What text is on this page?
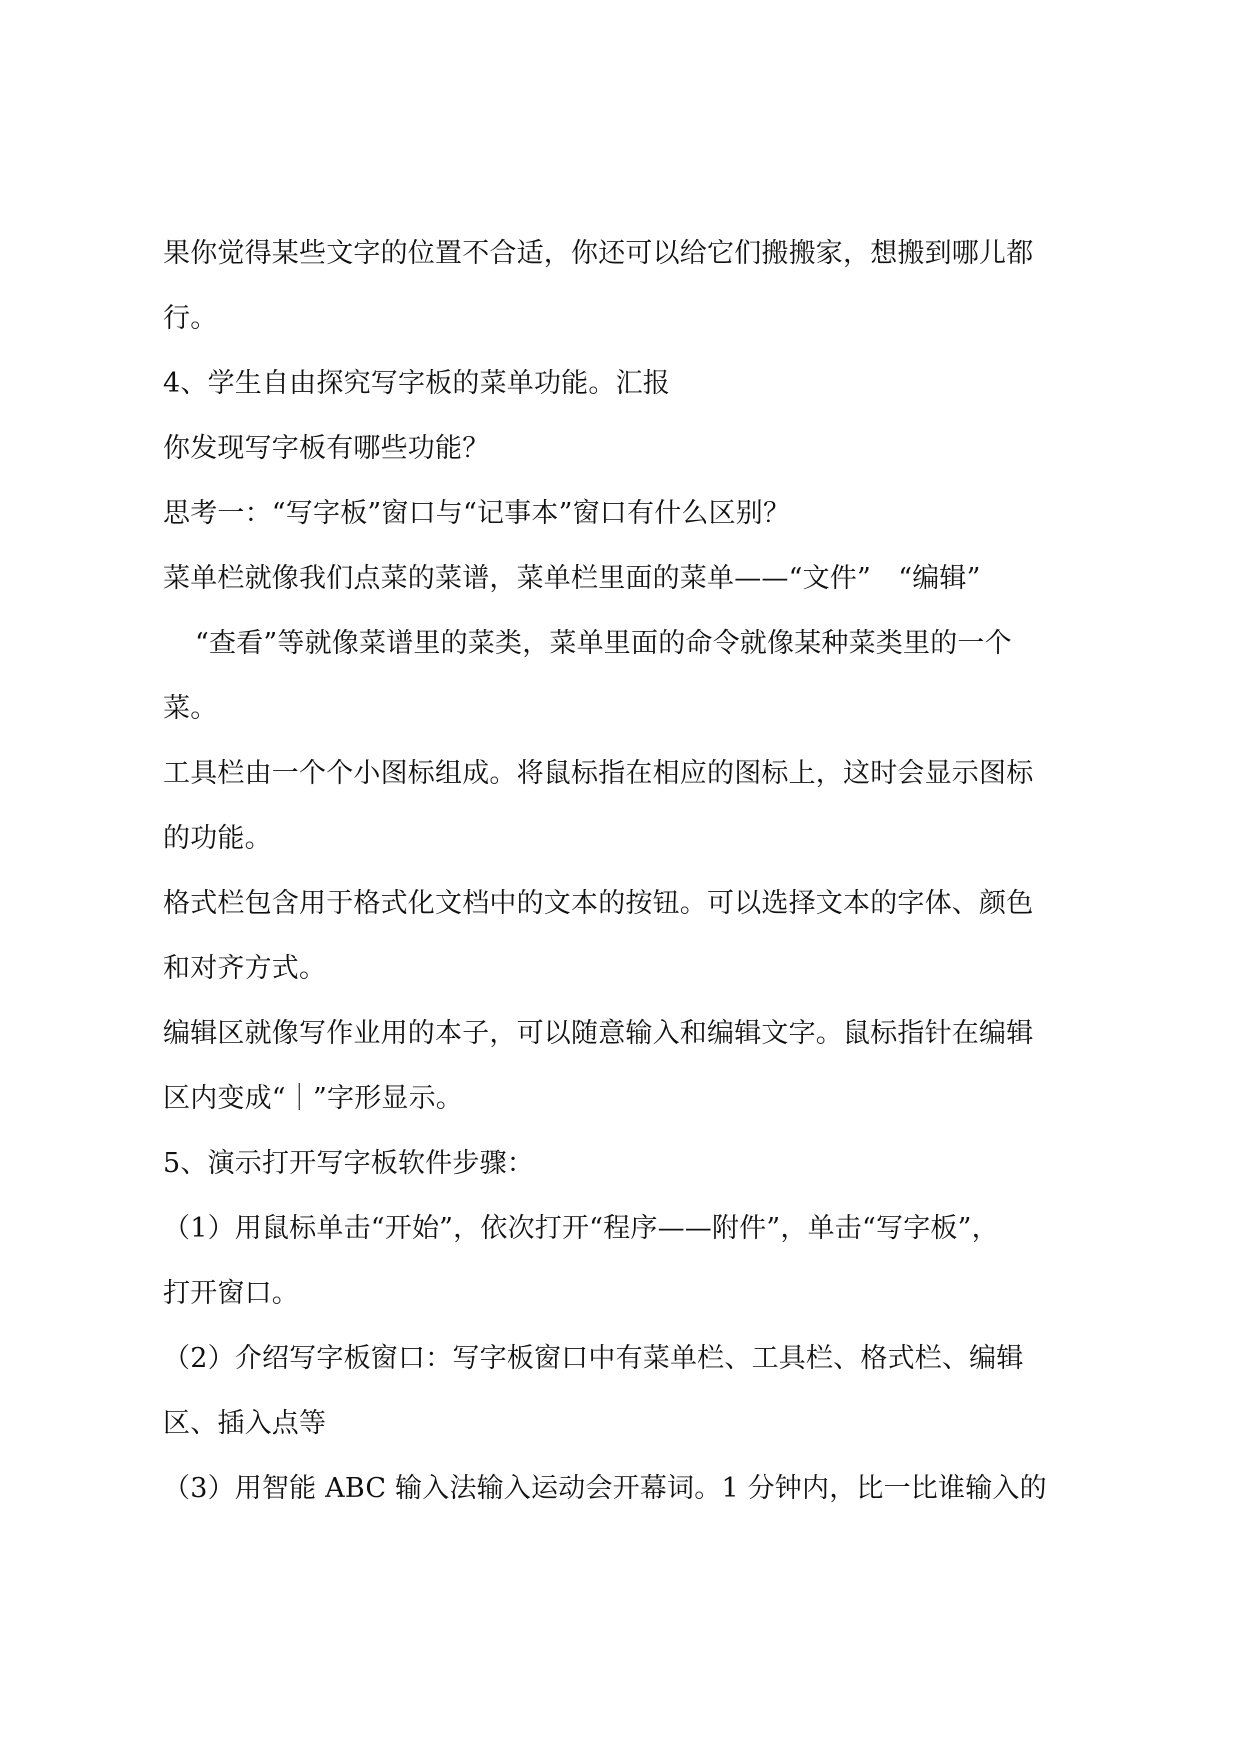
果你觉得某些文字的位置不合适，你还可以给它们搬搬家，想搬到哪儿都
行。
4、学生自由探究写字板的菜单功能。汇报
你发现写字板有哪些功能？
思考一：“写字板”窗口与“记事本”窗口有什么区别？
菜单栏就像我们点菜的菜谱，菜单栏里面的菜单——“文件”　“编辑”
“查看”等就像菜谱里的菜类，菜单里面的命令就像某种菜类里的一个
菜。
工具栏由一个个小图标组成。将鼠标指在相应的图标上，这时会显示图标
的功能。
格式栏包含用于格式化文档中的文本的按钮。可以选择文本的字体、颜色
和对齐方式。
编辑区就像写作业用的本子，可以随意输入和编辑文字。鼠标指针在编辑
区内变成“｜”字形显示。
5、演示打开写字板软件步骤：
（1）用鼠标单击“开始”，依次打开“程序——附件”，单击“写字板”，
打开窗口。
（2）介绍写字板窗口：写字板窗口中有菜单栏、工具栏、格式栏、编辑
区、插入点等
（3）用智能 ABC 输入法输入运动会开幕词。1 分钟内，比一比谁输入的
